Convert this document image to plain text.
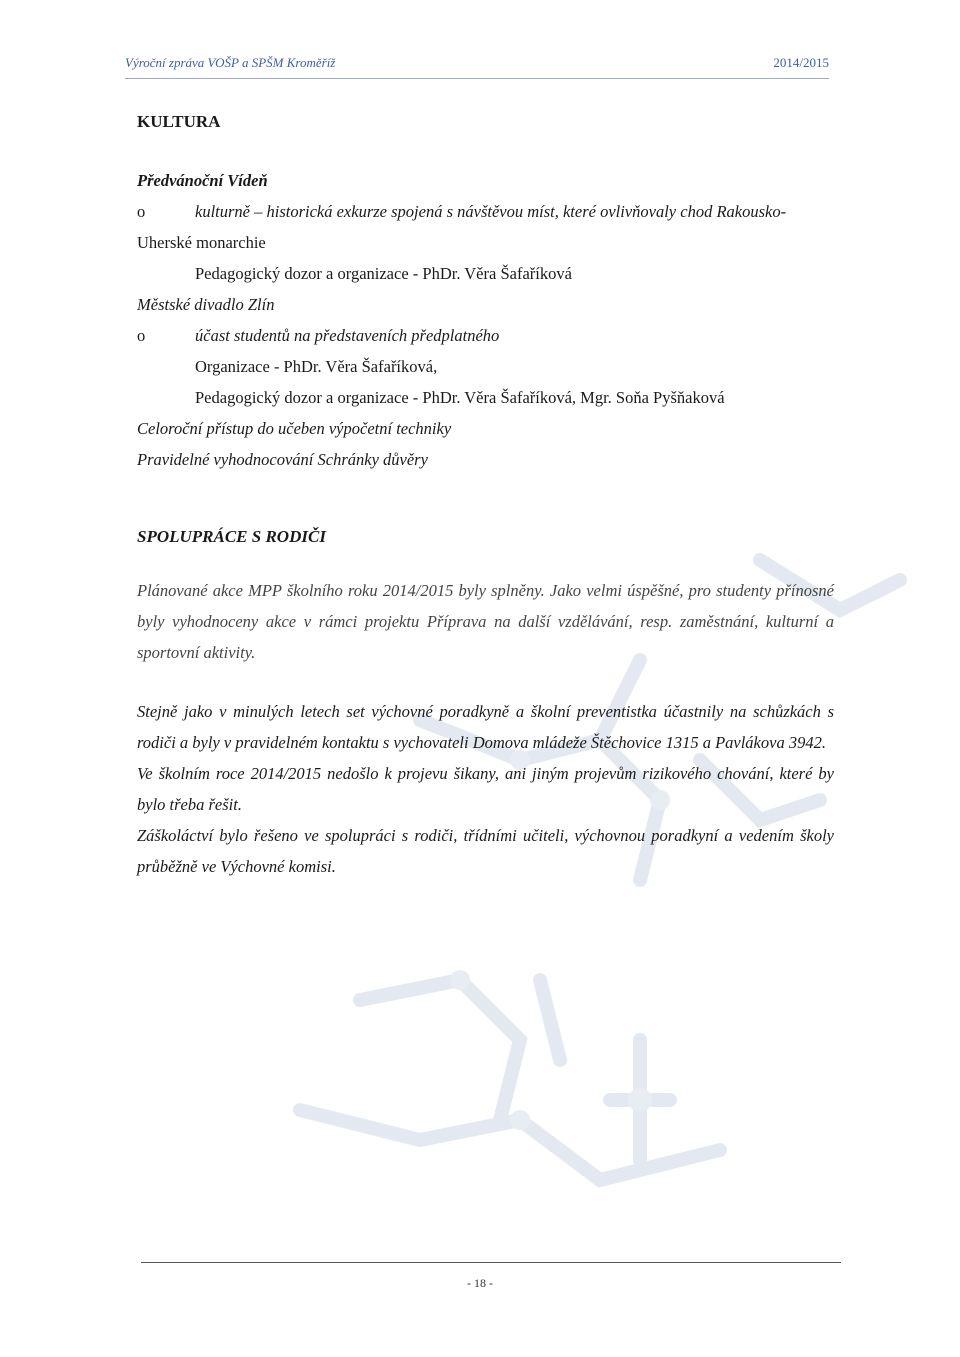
Výroční zpráva VOŠP a SPŠM Kroměříž	2014/2015
KULTURA
Předvánoční Vídeň
o	kulturně – historická exkurze spojená s návštěvou míst, které ovlivňovaly chod Rakousko-
Uherské monarchie
Pedagogický dozor a organizace - PhDr. Věra Šafaříková
Městské divadlo Zlín
o	účast studentů na představeních předplatného
Organizace - PhDr. Věra Šafaříková,
Pedagogický dozor a organizace - PhDr. Věra Šafaříková, Mgr. Soňa Pyšňaková
Celoroční přístup do učeben výpočetní techniky
Pravidelné vyhodnocování Schránky důvěry
SPOLUPRÁCE S RODIČI
Plánované akce MPP školního roku 2014/2015 byly splněny. Jako velmi úspěšné, pro studenty přínosné byly vyhodnoceny akce v rámci projektu Příprava na další vzdělávání, resp. zaměstnání, kulturní a sportovní aktivity.
Stejně jako v minulých letech set výchovné poradkyně a školní preventistka účastnily na schůzkách s rodiči a byly v pravidelném kontaktu s vychovateli Domova mládeže Štěchovice 1315 a Pavlákova 3942.
Ve školním roce 2014/2015 nedošlo k projevu šikany, ani jiným projevům rizikového chování, které by bylo třeba řešit.
Záškoláctví bylo řešeno ve spolupráci s rodiči, třídními učiteli, výchovnou poradkyní a vedením školy průběžně ve Výchovné komisi.
- 18 -
